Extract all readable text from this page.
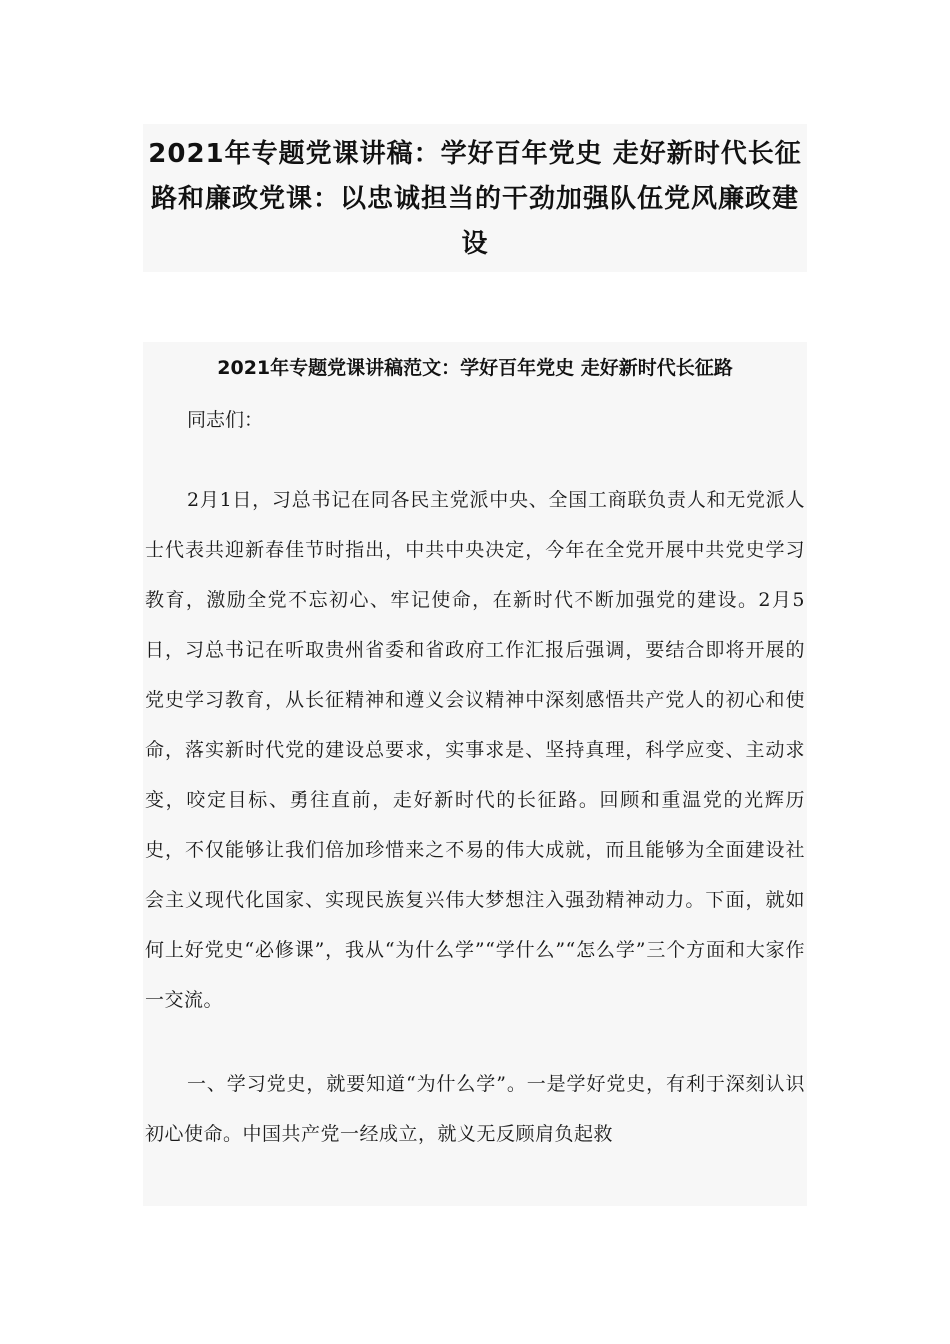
2021年专题党课讲稿：学好百年党史 走好新时代长征路和廉政党课：以忠诚担当的干劲加强队伍党风廉政建设
2021年专题党课讲稿范文：学好百年党史 走好新时代长征路

同志们：

2月1日，习总书记在同各民主党派中央、全国工商联负责人和无党派人士代表共迎新春佳节时指出，中共中央决定，今年在全党开展中共党史学习教育，激励全党不忘初心、牢记使命，在新时代不断加强党的建设。2月5日，习总书记在听取贵州省委和省政府工作汇报后强调，要结合即将开展的党史学习教育，从长征精神和遵义会议精神中深刻感悟共产党人的初心和使命，落实新时代党的建设总要求，实事求是、坚持真理，科学应变、主动求变，咬定目标、勇往直前，走好新时代的长征路。回顾和重温党的光辉历史，不仅能够让我们倍加珍惜来之不易的伟大成就，而且能够为全面建设社会主义现代化国家、实现民族复兴伟大梦想注入强劲精神动力。下面，就如何上好党史“必修课”，我从“为什么学”“学什么”“怎么学”三个方面和大家作一交流。

一、学习党史，就要知道“为什么学”。一是学好党史，有利于深刻认识初心使命。中国共产党一经成立，就义无反顾肩负起救
